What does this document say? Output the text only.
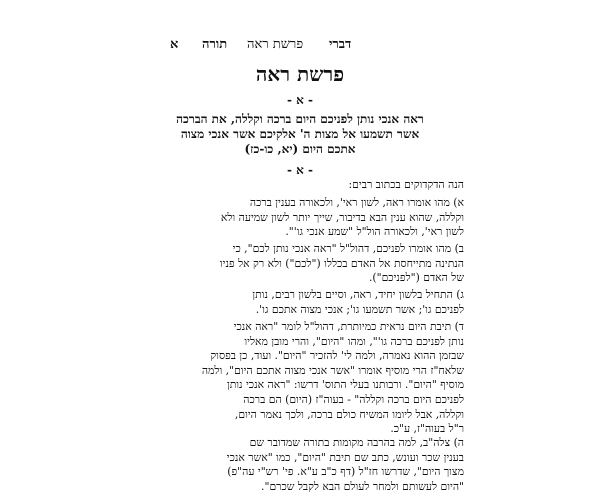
דברי
פרשת ראה
תורה
א
פרשת ראה
- א -
ראה אנכי נותן לפניכם היום ברכה וקללה, את הברכה
אשר תשמעו אל מצות ה' אלקיכם אשר אנכי מצוה
אתכם היום (יא, כו-כז)
- א -
הנה הדקדוקים בכתוב רבים:
א) מהו אומרו ראה, לשון ראי', ולכאורה בענין ברכה
וקללה, שהוא ענין הבא בדיבור, שייך יותר לשון שמיעה ולא
לשון ראי', ולכאורה הול"ל "שמע אנכי גו'".
ב) מהו אומרו לפניכם, דהול"ל "ראה אנכי נותן לכם", כי
הנתינה מתייחסת אל האדם בכללו ("לכם") ולא רק אל פניו
של האדם ("לפניכם").
ג) התחיל בלשון יחיד, ראה, וסיים בלשון רבים, נותן
לפניכם גו'; אשר תשמעו גו'; אנכי מצוה אתכם גו'.
ד) תיבת היום נראית כמיותרת, דהול"ל לומר "ראה אנכי
נותן לפניכם ברכה גו'", ומהו "היום", והרי מובן מאליו
שבזמן ההוא נאמרה, ולמה לי' להזכיר "היום". ועוד, כן בפסוק
שלאח"ז הרי מוסיף אומרו "אשר אנכי מצוה אתכם היום", ולמה
מוסיף "היום". ורבותנו בעלי התוס' דרשו: "ראה אנכי נותן
לפניכם היום ברכה וקללה" - בעוה"ז (היום) הם ברכה
וקללה, אבל ליומו המשיח כולם ברכה, ולכך נאמר היום,
ר"ל בעוה"ז, ע"כ.
ה) צלה"ב, למה בהרבה מקומות בתורה שמדובר שם
בענין שכר ועונש, כתב שם תיבת "היום", כמו "אשר אנכי
מצוך היום", שדרשו חז"ל (דף כ"ב ע"א. פי' רש"י עה"פ)
"היום לעשותם ולמחר לעולם הבא לקבל שכרם".
